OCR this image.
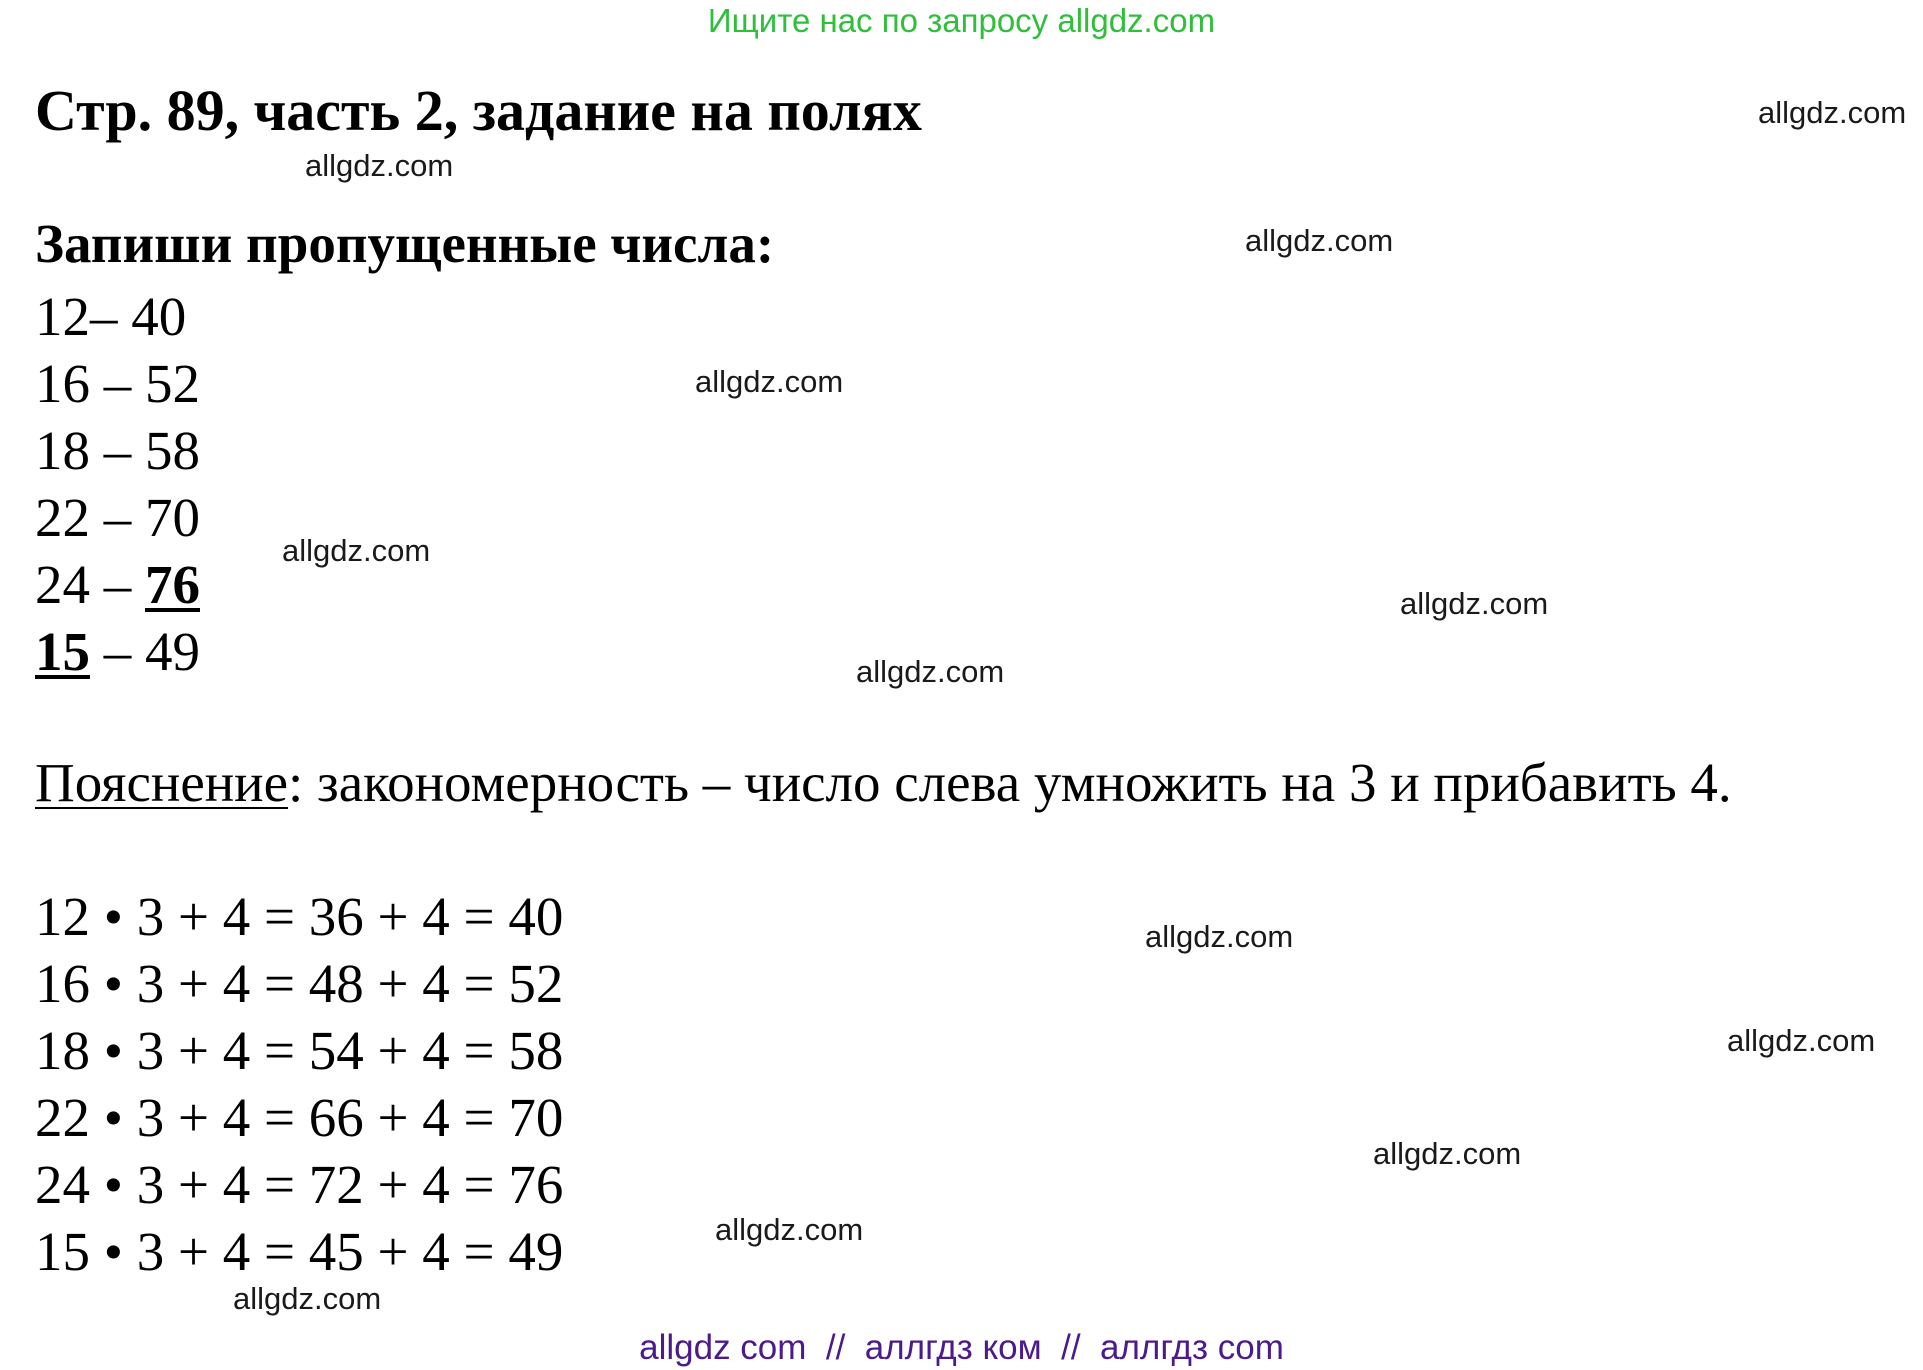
Ищите нас по запросу allgdz.com
Стр. 89, часть 2, задание на полях
Запиши пропущенные числа:
12– 40
16 – 52
18 – 58
22 – 70
24 – 76
15 – 49
Пояснение: закономерность – число слева умножить на 3 и прибавить 4.
12 • 3 + 4 = 36 + 4 = 40
16 • 3 + 4 = 48 + 4 = 52
18 • 3 + 4 = 54 + 4 = 58
22 • 3 + 4 = 66 + 4 = 70
24 • 3 + 4 = 72 + 4 = 76
15 • 3 + 4 = 45 + 4 = 49
allgdz.com
allgdz.com
allgdz.com
allgdz.com
allgdz.com
allgdz.com
allgdz.com
allgdz.com
allgdz.com
allgdz.com
allgdz.com
allgdz.com
allgdz com  //  аллгдз ком  //  аллгдз com
